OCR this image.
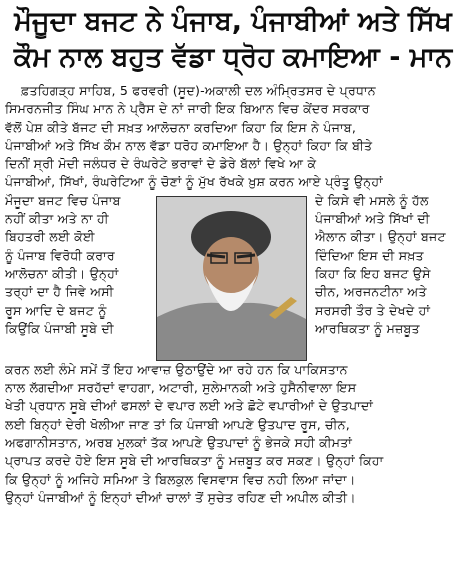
ਮੌਜੂਦਾ ਬਜਟ ਨੇ ਪੰਜਾਬ, ਪੰਜਾਬੀਆਂ ਅਤੇ ਸਿੱਖ
ਕੌਮ ਨਾਲ ਬਹੁਤ ਵੱਡਾ ਧ੍ਰੋਹ ਕਮਾਇਆ - ਮਾਨ
ਫ਼ਤਹਿਗੜ੍ਹ ਸਾਹਿਬ, 5 ਫਰਵਰੀ (ਸੂਦ)-ਅਕਾਲੀ ਦਲ ਅੰਮ੍ਰਿਤਸਰ ਦੇ ਪ੍ਰਧਾਨ
ਸਿਮਰਨਜੀਤ ਸਿੰਘ ਮਾਨ ਨੇ ਪ੍ਰੈਸ ਦੇ ਨਾਂ ਜਾਰੀ ਇਕ ਬਿਆਨ ਵਿਚ ਕੇਂਦਰ ਸਰਕਾਰ
ਵੱਲੋਂ ਪੇਸ਼ ਕੀਤੇ ਬੱਜਟ ਦੀ ਸਖ਼ਤ ਆਲੋਚਨਾ ਕਰਦਿਆ ਕਿਹਾ ਕਿ ਇਸ ਨੇ ਪੰਜਾਬ,
ਪੰਜਾਬੀਆਂ ਅਤੇ ਸਿੱਖ ਕੌਮ ਨਾਲ ਵੱਡਾ ਧਰੋਹ ਕਮਾਇਆ ਹੈ। ਉਨ੍ਹਾਂ ਕਿਹਾ ਕਿ ਬੀਤੇ
ਦਿਨੀਂ ਸ੍ਰੀ ਮੋਦੀ ਜਲੰਧਰ ਦੇ ਰੰਘਰੇਟੇ ਭਰਾਵਾਂ ਦੇ ਡੇਰੇ ਬੱਲਾਂ ਵਿਖੇ ਆ ਕੇ
ਪੰਜਾਬੀਆਂ, ਸਿੱਖਾਂ, ਰੰਘਰੇਟਿਆ ਨੂੰ ਚੋਣਾਂ ਨੂੰ ਮੁੱਖ ਰੱਖਕੇ ਖ਼ੁਸ਼ ਕਰਨ ਆਏ ਪ੍ਰੰਤੂ ਉਨ੍ਹਾਂ
ਮੌਜੂਦਾ ਬਜਟ ਵਿਚ ਪੰਜਾਬ
ਨਹੀਂ ਕੀਤਾ ਅਤੇ ਨਾ ਹੀ
ਬਿਹਤਰੀ ਲਈ ਕੋਈ
ਨੂੰ ਪੰਜਾਬ ਵਿਰੋਧੀ ਕਰਾਰ
ਆਲੋਚਨਾ ਕੀਤੀ। ਉਨ੍ਹਾਂ
ਤਰ੍ਹਾਂ ਦਾ ਹੈ ਜਿਵੇ ਅਸੀ
ਰੂਸ ਆਦਿ ਦੇ ਬਜਟ ਨੂੰ
ਕਿਉਂਕਿ ਪੰਜਾਬੀ ਸੂਬੇ ਦੀ
ਦੇ ਕਿਸੇ ਵੀ ਮਸਲੇ ਨੂੰ ਹੱਲ
ਪੰਜਾਬੀਆਂ ਅਤੇ ਸਿੱਖਾਂ ਦੀ
ਐਲਾਨ ਕੀਤਾ। ਉਨ੍ਹਾਂ ਬਜਟ
ਦਿੰਦਿਆ ਇਸ ਦੀ ਸਖ਼ਤ
ਕਿਹਾ ਕਿ ਇਹ ਬਜਟ ਉਸੇ
ਚੀਨ, ਅਰਜਨਟੀਨਾ ਅਤੇ
ਸਰਸਰੀ ਤੌਰ ਤੇ ਦੇਖਦੇ ਹਾਂ
ਆਰਥਿਕਤਾ ਨੂੰ ਮਜ਼ਬੂਤ
ਕਰਨ ਲਈ ਲੰਮੇ ਸਮੇਂ ਤੋਂ ਇਹ ਆਵਾਜ਼ ਉਠਾਉਂਦੇ ਆ ਰਹੇ ਹਨ ਕਿ ਪਾਕਿਸਤਾਨ
ਨਾਲ ਲੱਗਦੀਆ ਸਰਹੱਦਾਂ ਵਾਹਗਾ, ਅਟਾਰੀ, ਸੁਲੇਮਾਨਕੀ ਅਤੇ ਹੁਸੈਨੀਵਾਲਾ ਇਸ
ਖੇਤੀ ਪ੍ਰਧਾਨ ਸੂਬੇ ਦੀਆਂ ਫਸਲਾਂ ਦੇ ਵਪਾਰ ਲਈ ਅਤੇ ਛੋਟੇ ਵਪਾਰੀਆਂ ਦੇ ਉਤਪਾਦਾਂ
ਲਈ ਬਿਨ੍ਹਾਂ ਦੇਰੀ ਖੋਲੀਆ ਜਾਣ ਤਾਂ ਕਿ ਪੰਜਾਬੀ ਆਪਣੇ ਉਤਪਾਦ ਰੂਸ, ਚੀਨ,
ਅਫਗਾਨੀਸਤਾਨ, ਅਰਬ ਮੁਲਕਾਂ ਤੱਕ ਆਪਣੇ ਉਤਪਾਦਾਂ ਨੂੰ ਭੇਜਕੇ ਸਹੀ ਕੀਮਤਾਂ
ਪ੍ਰਾਪਤ ਕਰਦੇ ਹੋਏ ਇਸ ਸੂਬੇ ਦੀ ਆਰਥਿਕਤਾ ਨੂੰ ਮਜ਼ਬੂਤ ਕਰ ਸਕਣ। ਉਨ੍ਹਾਂ ਕਿਹਾ
ਕਿ ਉਨ੍ਹਾਂ ਨੂੰ ਅਜਿਹੇ ਸਮਿਆ ਤੇ ਬਿਲਕੁਲ ਵਿਸਵਾਸ ਵਿਚ ਨਹੀ ਲਿਆ ਜਾਂਦਾ।
ਉਨ੍ਹਾਂ ਪੰਜਾਬੀਆਂ ਨੂੰ ਇਨ੍ਹਾਂ ਦੀਆਂ ਚਾਲਾਂ ਤੋਂ ਸੁਚੇਤ ਰਹਿਣ ਦੀ ਅਪੀਲ ਕੀਤੀ।
